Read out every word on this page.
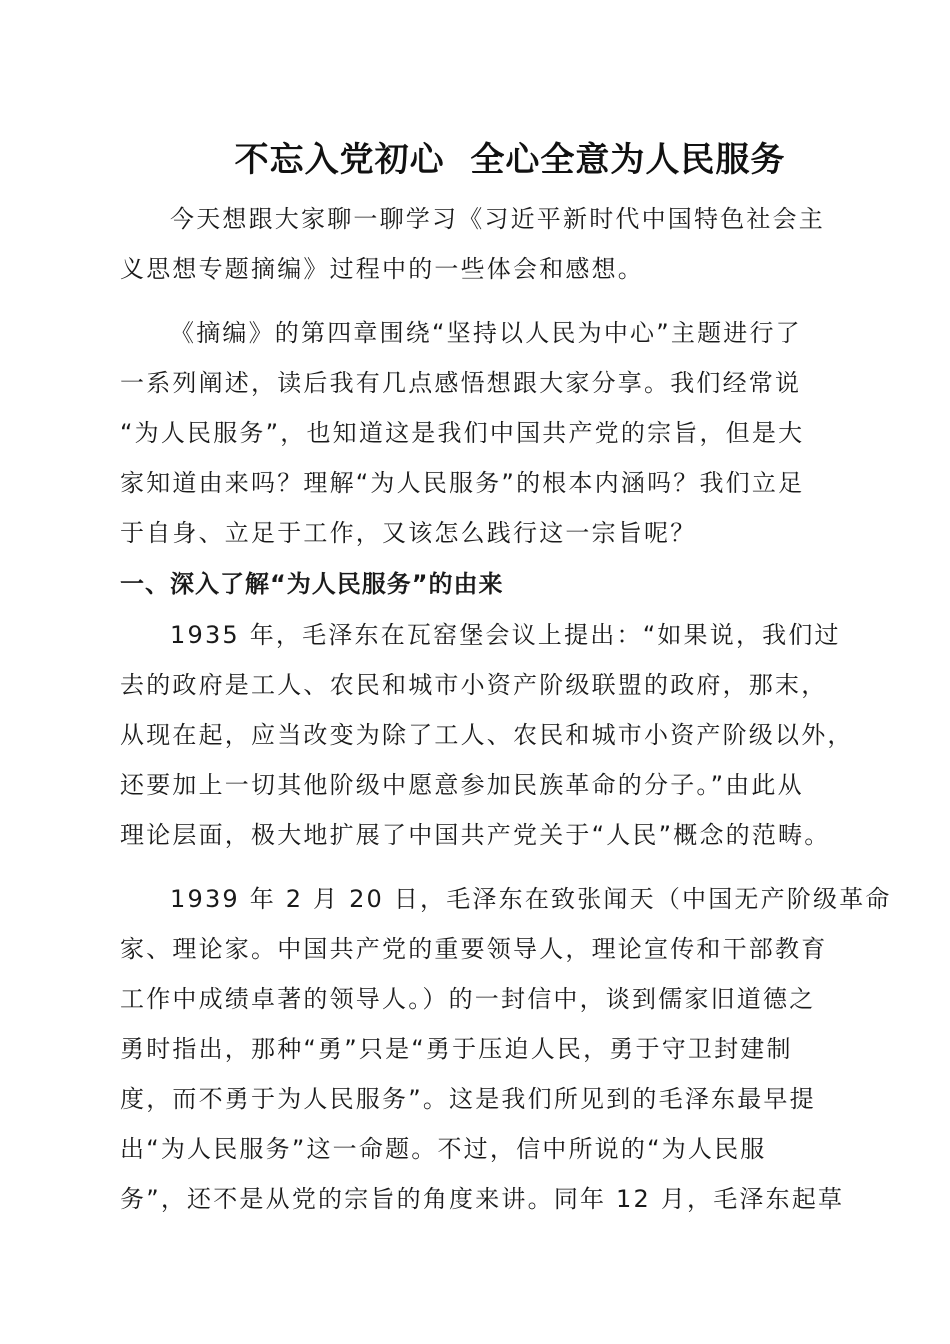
不忘入党初心  全心全意为人民服务
今天想跟大家聊一聊学习《习近平新时代中国特色社会主
义思想专题摘编》过程中的一些体会和感想。
《摘编》的第四章围绕“坚持以人民为中心”主题进行了
一系列阐述，读后我有几点感悟想跟大家分享。我们经常说
“为人民服务”，也知道这是我们中国共产党的宗旨，但是大
家知道由来吗？理解“为人民服务”的根本内涵吗？我们立足
于自身、立足于工作，又该怎么践行这一宗旨呢？
一、深入了解“为人民服务”的由来
1935 年，毛泽东在瓦窑堡会议上提出：“如果说，我们过
去的政府是工人、农民和城市小资产阶级联盟的政府，那末，
从现在起，应当改变为除了工人、农民和城市小资产阶级以外，
还要加上一切其他阶级中愿意参加民族革命的分子。”由此从
理论层面，极大地扩展了中国共产党关于“人民”概念的范畴。
1939 年 2 月 20 日，毛泽东在致张闻天（中国无产阶级革命
家、理论家。中国共产党的重要领导人，理论宣传和干部教育
工作中成绩卓著的领导人。）的一封信中，谈到儒家旧道德之
勇时指出，那种“勇”只是“勇于压迫人民，勇于守卫封建制
度，而不勇于为人民服务”。这是我们所见到的毛泽东最早提
出“为人民服务”这一命题。不过，信中所说的“为人民服
务”，还不是从党的宗旨的角度来讲。同年 12 月，毛泽东起草
